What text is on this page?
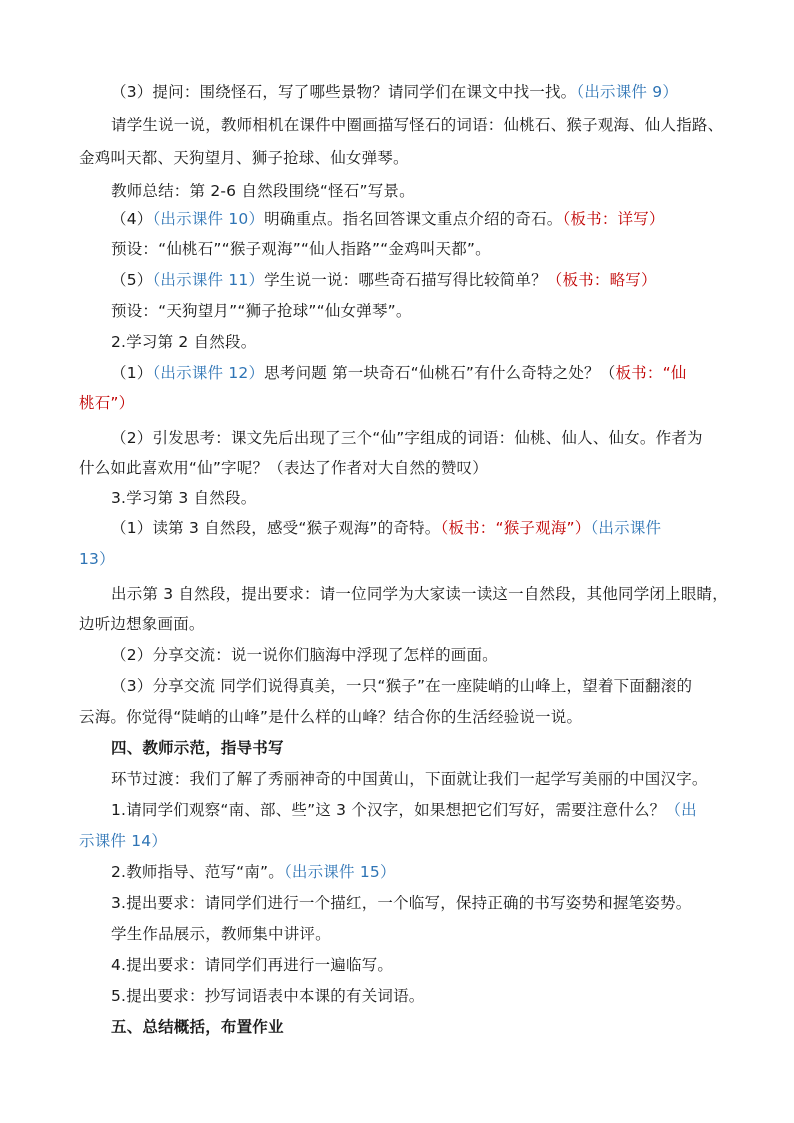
（3）提问：围绕怪石，写了哪些景物？请同学们在课文中找一找。（出示课件 9）
请学生说一说，教师相机在课件中圈画描写怪石的词语：仙桃石、猴子观海、仙人指路、
金鸡叫天都、天狗望月、狮子抢球、仙女弹琴。
教师总结：第 2-6 自然段围绕“怪石”写景。
（4）（出示课件 10）明确重点。指名回答课文重点介绍的奇石。（板书：详写）
预设：“仙桃石”“猴子观海”“仙人指路”“金鸡叫天都”。
（5）（出示课件 11）学生说一说：哪些奇石描写得比较简单？（板书：略写）
预设：“天狗望月”“狮子抢球”“仙女弹琴”。
2.学习第 2 自然段。
（1）（出示课件 12）思考问题 第一块奇石“仙桃石”有什么奇特之处？（板书：“仙
桃石”）
（2）引发思考：课文先后出现了三个“仙”字组成的词语：仙桃、仙人、仙女。作者为
什么如此喜欢用“仙”字呢？（表达了作者对大自然的赞叹）
3.学习第 3 自然段。
（1）读第 3 自然段，感受“猴子观海”的奇特。（板书：“猴子观海”）（出示课件
13）
出示第 3 自然段，提出要求：请一位同学为大家读一读这一自然段，其他同学闭上眼睛，
边听边想象画面。
（2）分享交流：说一说你们脑海中浮现了怎样的画面。
（3）分享交流 同学们说得真美，一只“猴子”在一座陡峭的山峰上，望着下面翻滚的
云海。你觉得“陡峭的山峰”是什么样的山峰？结合你的生活经验说一说。
四、教师示范，指导书写
环节过渡：我们了解了秀丽神奇的中国黄山，下面就让我们一起学写美丽的中国汉字。
1.请同学们观察“南、部、些”这 3 个汉字，如果想把它们写好，需要注意什么？（出
示课件 14）
2.教师指导、范写“南”。（出示课件 15）
3.提出要求：请同学们进行一个描红，一个临写，保持正确的书写姿势和握笔姿势。
学生作品展示，教师集中讲评。
4.提出要求：请同学们再进行一遍临写。
5.提出要求：抄写词语表中本课的有关词语。
五、总结概括，布置作业
